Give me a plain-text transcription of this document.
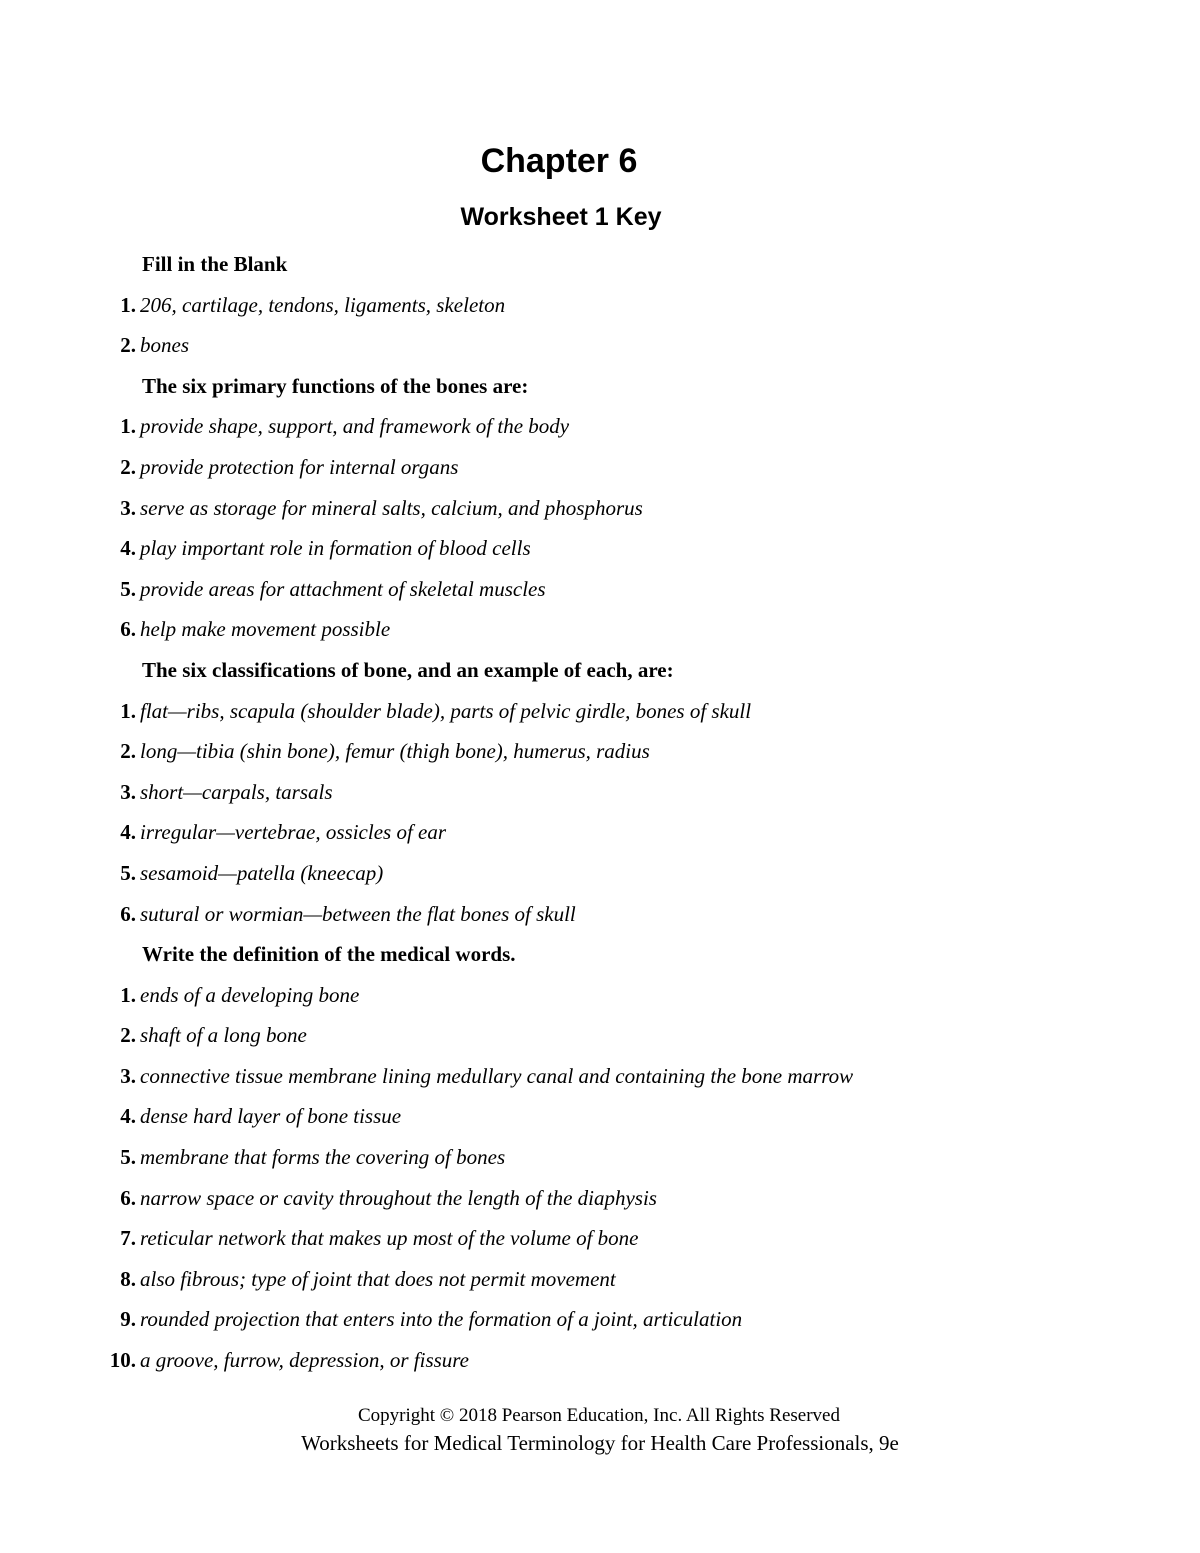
Chapter 6
Worksheet 1 Key
Fill in the Blank
1. 206, cartilage, tendons, ligaments, skeleton
2. bones
The six primary functions of the bones are:
1. provide shape, support, and framework of the body
2. provide protection for internal organs
3. serve as storage for mineral salts, calcium, and phosphorus
4. play important role in formation of blood cells
5. provide areas for attachment of skeletal muscles
6. help make movement possible
The six classifications of bone, and an example of each, are:
1. flat—ribs, scapula (shoulder blade), parts of pelvic girdle, bones of skull
2. long—tibia (shin bone), femur (thigh bone), humerus, radius
3. short—carpals, tarsals
4. irregular—vertebrae, ossicles of ear
5. sesamoid—patella (kneecap)
6. sutural or wormian—between the flat bones of skull
Write the definition of the medical words.
1. ends of a developing bone
2. shaft of a long bone
3. connective tissue membrane lining medullary canal and containing the bone marrow
4. dense hard layer of bone tissue
5. membrane that forms the covering of bones
6. narrow space or cavity throughout the length of the diaphysis
7. reticular network that makes up most of the volume of bone
8. also fibrous; type of joint that does not permit movement
9. rounded projection that enters into the formation of a joint, articulation
10. a groove, furrow, depression, or fissure
Copyright © 2018 Pearson Education, Inc. All Rights Reserved
Worksheets for Medical Terminology for Health Care Professionals, 9e
